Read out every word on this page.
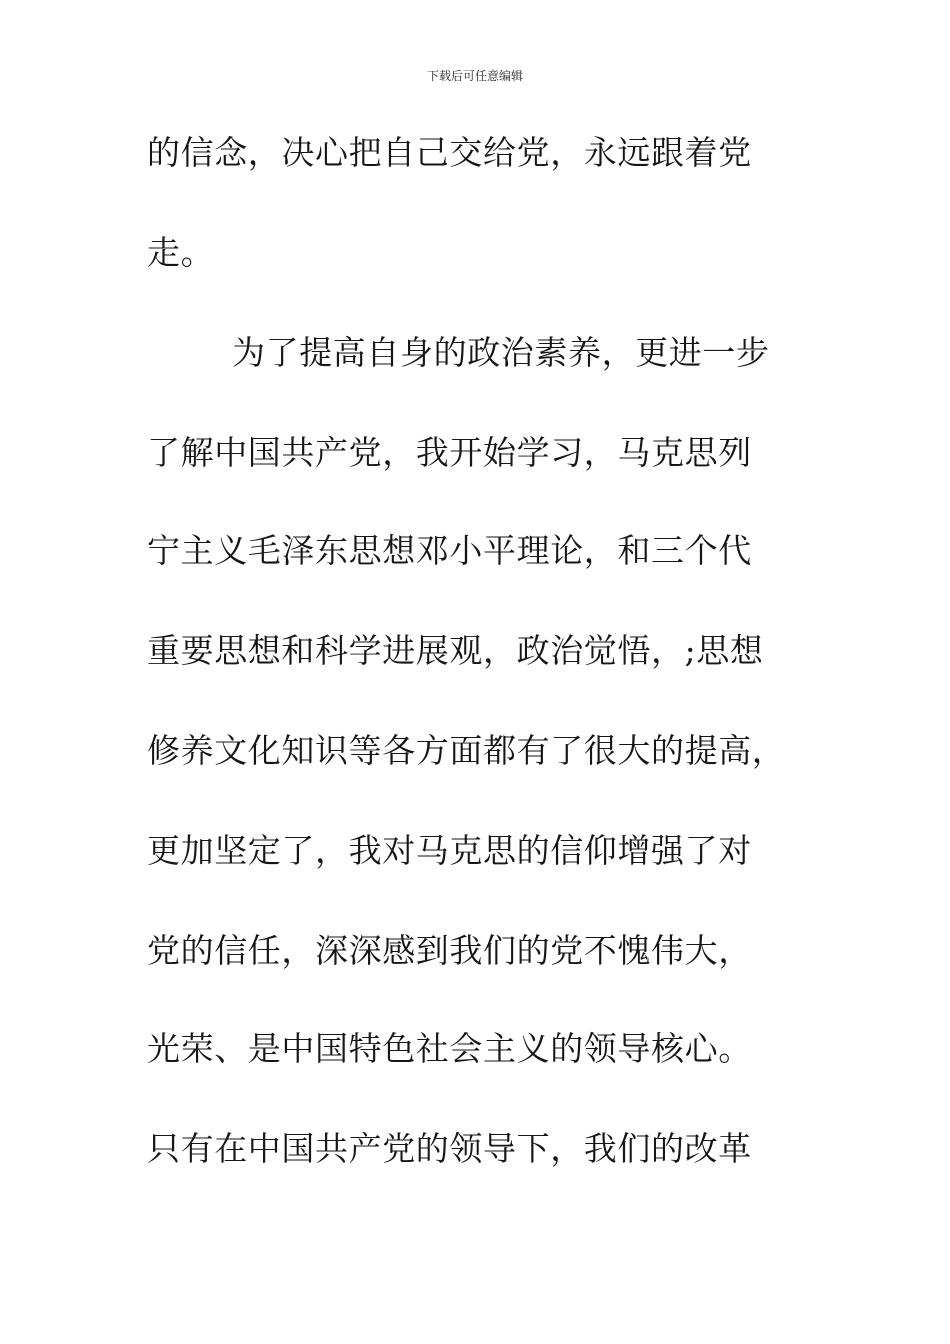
下载后可任意编辑
的信念，决心把自己交给党，永远跟着党
走。
为了提高自身的政治素养，更进一步
了解中国共产党，我开始学习，马克思列
宁主义毛泽东思想邓小平理论，和三个代
重要思想和科学进展观，政治觉悟，;思想
修养文化知识等各方面都有了很大的提高，
更加坚定了，我对马克思的信仰增强了对
党的信任，深深感到我们的党不愧伟大，
光荣、是中国特色社会主义的领导核心。
只有在中国共产党的领导下，我们的改革
